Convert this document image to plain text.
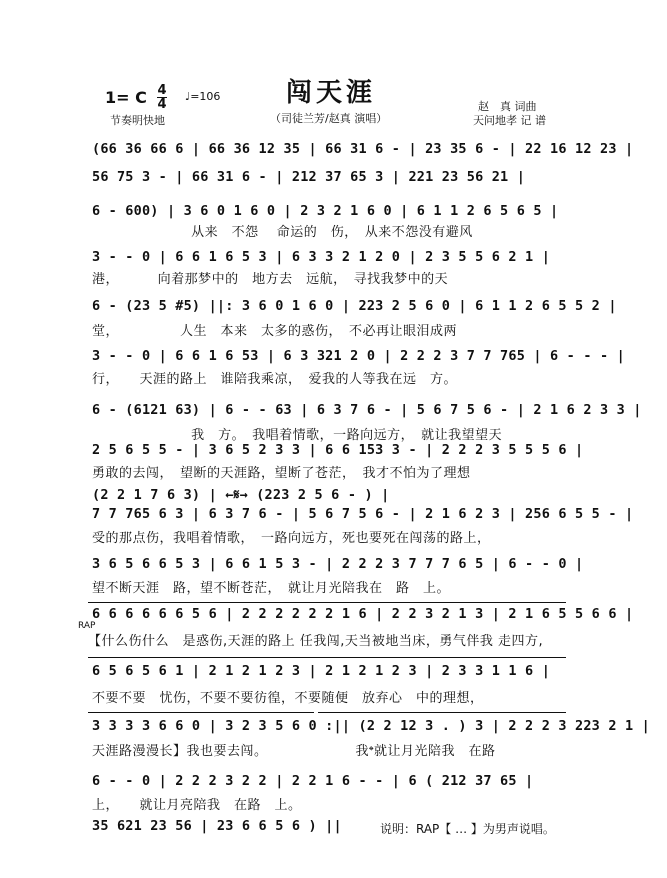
闯天涯
1= C 4
4
♩=106
节奏明快地	（司徒兰芳/赵真 演唱）
赵　真 词曲
天问地孝 记 谱
(66 36 66 6 | 66 36 12 35 | 66 31 6 - | 23 35 6 - | 22 16 12 23 |
56 75 3 - | 66 31 6 - | 212 37 65 3 | 221 23 56 21 |
6 - 600) | 3 6 0 1 6 0 | 2 3 2 1 6 0 | 6 1 1 2 6 5 6 5 |
　　　　　　　 从来　不怨　 命运的　伤，　从来不怨没有避风
3 - - 0 | 6 6 1 6 5 3 | 6 3 3 2 1 2 0 | 2 3 5 5 6 2 1 |
港，　　　 向着那梦中的　地方去　远航，　寻找我梦中的天
6 - (23 5 #5) ||: 3 6 0 1 6 0 | 223 2 5 6 0 | 6 1 1 2 6 5 5 2 |
堂，　　　　　人生　本来　太多的惑伤，　不必再让眼泪成两
3 - - 0 | 6 6 1 6 53 | 6 3 321 2 0 | 2 2 2 3 7 7 765 | 6 - - - |
行，　　天涯的路上　谁陪我乘凉，　爱我的人等我在远　方。
6 - (6121 63) | 6 - - 63 | 6 3 7 6 - | 5 6 7 5 6 - | 2 1 6 2 3 3 |
　　　　　　　 我　方。　我唱着情歌，一路向远方，　就让我望望天
2 5 6 5 5 - | 3 6 5 2 3 3 | 6 6 153 3 - | 2 2 2 3 5 5 5 6 |
勇敢的去闯，　望断的天涯路，望断了苍茫，　我才不怕为了理想
(2 2 1 7 6 3) | ←𝄋→ (223 2 5 6 - ) |
7 7 765 6 3 | 6 3 7 6 - | 5 6 7 5 6 - | 2 1 6 2 3 | 256 6 5 5 - |
受的那点伤，我唱着情歌，　一路向远方，死也要死在闯荡的路上，
3 6 5 6 6 5 3 | 6 6 1 5 3 - | 2 2 2 3 7 7 7 6 5 | 6 - - 0 |
望不断天涯　路，望不断苍茫，　就让月光陪我在　路　上。
RAP
6 6 6 6 6 6 5 6 | 2 2 2 2 2 2 1 6 | 2 2 3 2 1 3 | 2 1 6 5 5 6 6 |
【什么伤什么　是惑伤,天涯的路上 任我闯,天当被地当床，勇气伴我 走四方,
6 5 6 5 6 1 | 2 1 2 1 2 3 | 2 1 2 1 2 3 | 2 3 3 1 1 6 |
不要不要　忧伤，不要不要彷徨，不要随便　放弃心　中的理想，
3 3 3 3 6 6 0 | 3 2 3 5 6 0 :|| (2 2 12 3 . ) 3 | 2 2 2 3 223 2 1 |
天涯路漫漫长】我也要去闯。　　　　　　　我𝄌就让月光陪我　在路
6 - - 0 | 2 2 2 3 2 2 | 2 2 1 6 - - | 6 ( 212 37 65 |
上，　　就让月亮陪我　在路　上。
35 621 23 56 | 23 6 6 5 6 ) ||	说明：RAP【 … 】为男声说唱。
